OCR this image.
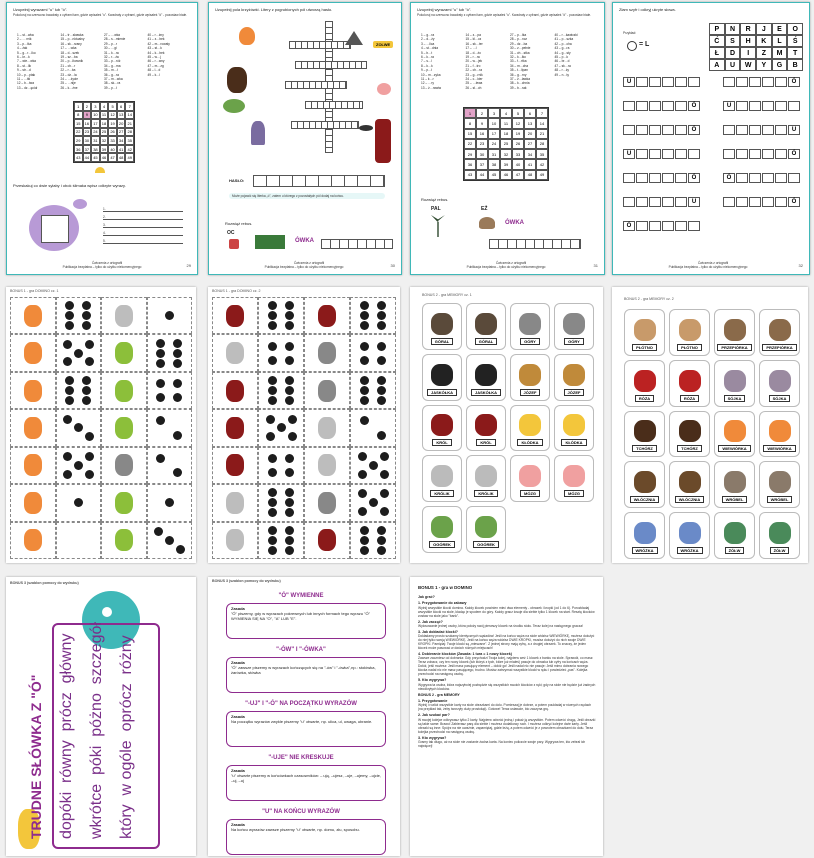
Uzupełnij wyrazami "u" lub "ó".
Pokoloruj na czerwono kwadraty z cyframi tam, gdzie wpisałeś "u". Kwadraty z cyframi, gdzie wpisałeś "ó" - pozostaw białe.
1 – st…wka
2 – … rnik
3 – p…łka
4 – żak
5 – g…r…lko
6 – kr…k
7 – wie…wka
8 – st…lik
9 – str…d
10 – p…ptak
11 – …tki
12 – b…twa
13 – dz…ęcioł
14 – tr…skawka
15 – p…nktualny
16 – sk…rzany
17 – …wka
18 – d…szek
19 – sz…ba
20 – p…łkownik
21 – ch…r
22 – r…ba
23 – dz…la
24 – …życie
25 – …nije
26 – k…żne
27 – …wka
28 – s…mienie
29 – p…r
30 – …gi
31 – k…ra
32 – r…ża
33 – p…róż
34 – g…ma
35 – m…ł
36 – g…ra
37 – m…wka
38 – sk…ra
39 – p…ł
40 – r…żny
41 – z…bek
42 – m…rowaty
43 – st…k
44 – k…bek
45 – w…j
46 – r…wny
47 – m…zg
48 – l…d
49 – k…l
1	2	3	4	5	6	7
8	9	10	11	12	13	14
15	16	17	18	19	20	21
22	23	24	25	26	27	28
29	30	31	32	33	34	35
36	37	38	39	40	41	42
43	44	45	46	47	48	49
Przeskakuj co dwie sylaby i obok ślimaka wpisz odkryte wyrazy.
1.
2.
3.
4.
5.
Ćwiczenia z ortografii
Publikacja bezpłatna – tylko do użytku niekomercyjnego	29
Uzupełnij pola krzyżówki. Litery z pogrubionych pól utworzą hasło.
ZOLWE
HASŁO:
Może pojawić się literka „ó", zatem u którego z pozostałych pól dodaj na końcu.
Rozwiąż rebus.
OC
ÓWKA
Ćwiczenia z ortografii
Publikacja bezpłatna – tylko do użytku niekomercyjnego	30
Uzupełnij wyrazami "u" lub "ó".
Pokoloruj na czerwono kwadraty z cyframi tam, gdzie wpisałeś "u". Kwadraty z cyframi, gdzie wpisałeś "ó" - pozostaw białe.
1 – g…ra
2 – d…ży
3 – …lica
4 – st…dnia
5 – b…t
6 – k…ra
7 – s…l
8 – k…k
9 – p…ł
10 – m…zyka
11 – k…r
12 – …ry
13 – ż…rawiw
14 – z…pa
15 – kl…cz
16 – sk…ter
17 – …l
18 – d…żo
19 – r…ra
20 – w…jek
21 – f…tro
22 – ch…ra
23 – g…rnik
24 – c…kier
25 – …lewa
26 – sł…ch
27 – p…łka
28 – p…ncz
29 – dz…ba
30 – z…pełnie
31 – ch…stka
32 – k…łko
33 – f…rtka
34 – m…cha
35 – t…lipan
36 – g…rny
37 – ż…ławka
38 – k…chnia
39 – b…rak
40 – r…kawiczki
41 – p…szka
42 – p…cha
43 – g…ra
44 – g…sty
45 – p…k
46 – br…d
47 – sk…ra
48 – r…ży
49 – n…ty
1	2	3	4	5	6	7
8	9	10	11	12	13	14
15	16	17	18	19	20	21
22	23	24	25	26	27	28
29	30	31	32	33	34	35
36	37	38	39	40	41	42
43	44	45	46	47	48	49
Rozwiąż rebus.
PAL	EŹ
ÓWKA
Ćwiczenia z ortografii
Publikacja bezpłatna – tylko do użytku niekomercyjnego	31
Złam szyfr i odkryj ukryte słowa.
Przykład:
= L
P	N	R	J	E	O
Ć	S	H	K	L	Ś
Ł	D	I	Z	M	T
A	U	W	Y	G	B
U	Ó
Ó	U
Ó	U
U	Ó
Ó	Ó
U	Ó
Ó
Ćwiczenia z ortografii
Publikacja bezpłatna – tylko do użytku niekomercyjnego	32
BONUS 1 - gra DOMINO cz. 1	BONUS 1 - gra DOMINO cz. 2
BONUS 2 - gra MEMORY cz. 1
GÓRAL	GÓRAL	GÓRY	GÓRY
JASKÓŁKA	JASKÓŁKA	JÓZEF	JÓZEF
KRÓL	KRÓL	KŁÓDKA	KŁÓDKA
KRÓLIK	KRÓLIK	MÓZG	MÓZG
OGÓREK	OGÓREK
BONUS 2 - gra MEMORY cz. 2
PŁÓTNO	PŁÓTNO	PRZEPIÓRKA	PRZEPIÓRKA
RÓŻA	RÓŻA	SÓJKA	SÓJKA
TCHÓRZ	TCHÓRZ	WIEWIÓRKA	WIEWIÓRKA
WŁÓCZNIA	WŁÓCZNIA	WRÓBEL	WRÓBEL
WRÓŻKA	WRÓŻKA	ŻÓŁW	ŻÓŁW
BONUS 3 (szablon pomocy do wydruku)
TRUDNE SŁÓWKA Z "Ó" dopóki  równy  prócz  główny
wkrótce  póki  póżno  szczegół
który  w ogóle  oprócz  różny
BONUS 3 (szablon pomocy do wydruku)
"Ó" WYMIENNE
Zasada
"Ó" piszemy, gdy w wyrazach pokrewnych lub innych formach tego wyrazu "Ó" WYMIENIA SIĘ NA "O", "A" LUB "E".
"-ÓW" I "-ÓWKA"
Zasada
"Ó" zawsze piszemy w wyrazach kończących się na "-ów" i "-ówka",np.: stołówka, żarówka, stówka
"-UJ" I "-Ó" NA POCZĄTKU WYRAZÓW
Zasada
Na początku wyrazów zwykle piszemy "u" otwarte, np. ulica, ul, uwaga, ubranie.
"-UJE" NIE KRESKUJE
Zasada
"u" otwarte piszemy w końcówkach czasowników: – ują, –ujesz, –uje, –ujemy, –ujcie, –uj, –uj
"U" NA KOŃCU WYRAZÓW
Zasada
Na końcu wyrazów zawsze piszemy "u" otwarte, np. domu, złu, sposobu.
BONUS 1 - gra w DOMINO
Jak grać?
1. Przygotowanie do zabawy
Wytnij wszystkie klocki domina. Każdy klocek powinien mieć dwa elementy - obrazek i kropki (od 1 do 6). Porozkładaj wszystkie klocki na stole, kładąc je spodem do góry. Każdy gracz losuje dla siebie tylko 1 klocek na start. Resztę klocków zostaw na stole jako "bank".
2. Jak zacząć?
Wylosowanie jednej osoby, która położy swój pierwszy klocek na środku stołu. Teraz kolej na następnego gracza!
3. Jak dokładać klocki?
Dokładamy prosto szukamy identycznych sąsiadów! Jeśli na końcu węża na stole widzisz WIEWIÓRKĘ, możesz dołożyć do niej tylko swoją WIEWIÓRKĘ. Jeśli na końcu węża widzisz DWIE KROPKI, musisz dołożyć do nich swoje DWIE KROPKI. Pamiętaj: Twoje klocki są „mieszane". Z jednej strony mają cyfrę, a z drugiej obrazek. To znaczy, że jeden klocek może pasować w dwóch różnych miejscach!
4. Dobieranie klocków (Zasada: 1 tura = 1 nowy klocek)
Zawsze zaczniesz od dobrania: Gdy przychodzi Twoja kolej, najpierw weź 1 klocek z banku na stole. Sprawdź, co masz: Teraz zobacz, czy ten nowy klocek (lub któryś z tych, które już miałeś) pasuje do obrazka lub cyfry na końcach węża. Dołóż, jeśli możesz: Jeśli masz pasujący element – dołóż go! Jeśli nadal nic nie pasuje: Jeśli mimo dobrania nowego klocka nadal nic nie masz pasującego, trudno. Musisz zatrzymać wszystkie klocki w ręku i powiedzieć „pas". Kolejka przechodzi na następną osobę.
5. Kto wygrywa?
Wygrywa ta osoba, która najszybciej pozbędzie się wszystkich swoich klocków z ręki; gdy na stole nie będzie już żadnych nieodkrytych klocków.
BONUS 2 - gra MEMORY
1. Przygotowanie
Wytnij i rozłóż wszystkie karty na stole obrazkami do dołu. Pomieszaj je dobrze, a potem poukładaj w równych rzędach (na przykład tak, żeby tworzyły duży prostokąt). Gotowe! Teraz ustawcie, kto zaczyna grę.
2. Jak szukać par?
W swojej kolejce odkrywasz tylko 2 karty. Najpierw odwróć jedną i pokaż ją wszystkim. Potem odwróć drugą. Jeśli obrazki są takie same: Brawo! Zabierasz parę dla siebie i możesz dodatkowy ruch. I możesz odkryć kolejne dwie karty. Jeśli obrazki są inne: Spójrz na nie uważnie, zapamiętaj, gdzie leżą, a potem odwróć je z powrotem obrazkami do dołu. Teraz kolejka przechodzi na następną osobę.
3. Kto wygrywa?
Gramy tak długo, aż na stole nie zostanie żadna karta. Na koniec policzcie swoje pary. Wygrywa ten, kto zebrał ich najwięcej!
